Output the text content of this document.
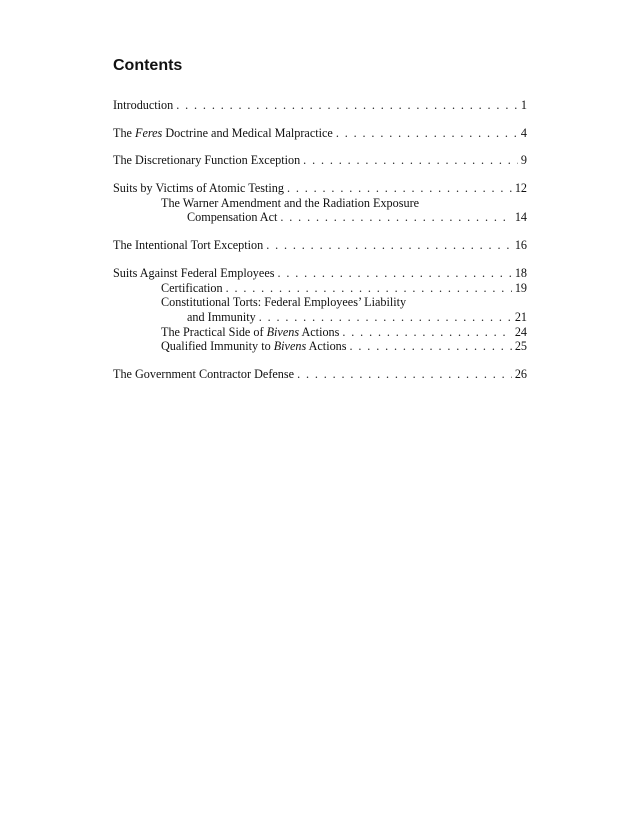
Contents
Introduction . . .	1
The Feres Doctrine and Medical Malpractice . . .	4
The Discretionary Function Exception . . .	9
Suits by Victims of Atomic Testing . . .	12
The Warner Amendment and the Radiation Exposure
Compensation Act . . .	14
The Intentional Tort Exception . . .	16
Suits Against Federal Employees . . .	18
Certification . . .	19
Constitutional Torts: Federal Employees’ Liability
and Immunity . . .	21
The Practical Side of Bivens Actions . . .	24
Qualified Immunity to Bivens Actions . . .	25
The Government Contractor Defense . . .	26
